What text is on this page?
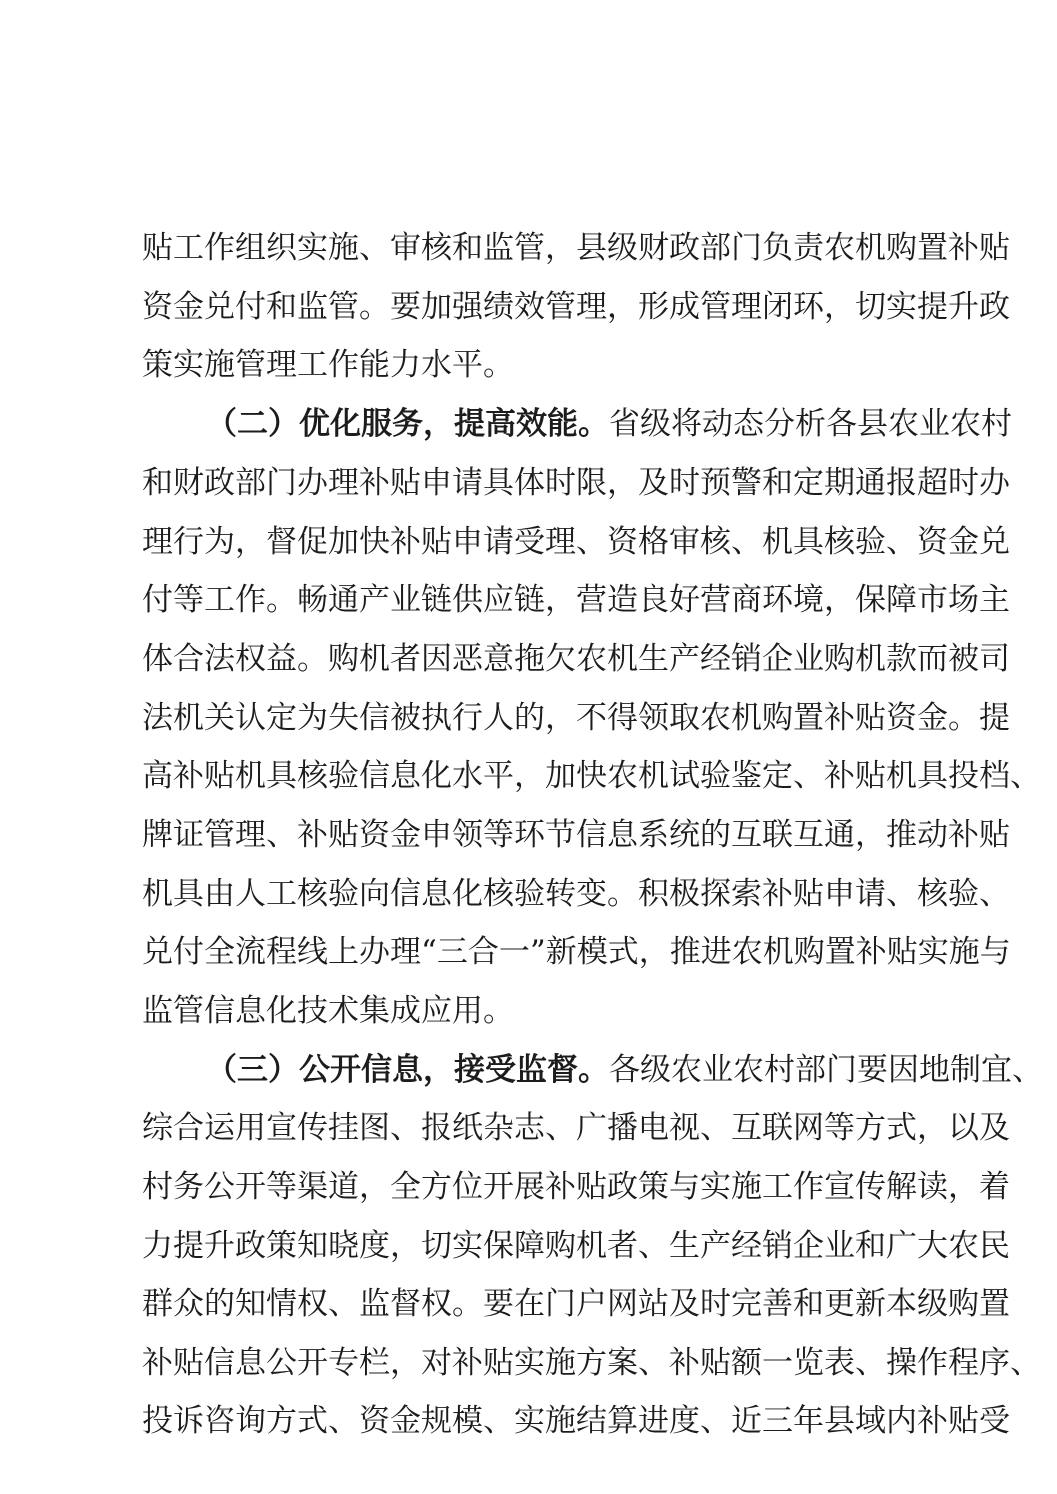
贴工作组织实施、审核和监管，县级财政部门负责农机购置补贴
资金兑付和监管。要加强绩效管理，形成管理闭环，切实提升政
策实施管理工作能力水平。
（二）优化服务，提高效能。省级将动态分析各县农业农村
和财政部门办理补贴申请具体时限，及时预警和定期通报超时办
理行为，督促加快补贴申请受理、资格审核、机具核验、资金兑
付等工作。畅通产业链供应链，营造良好营商环境，保障市场主
体合法权益。购机者因恶意拖欠农机生产经销企业购机款而被司
法机关认定为失信被执行人的，不得领取农机购置补贴资金。提
高补贴机具核验信息化水平，加快农机试验鉴定、补贴机具投档、
牌证管理、补贴资金申领等环节信息系统的互联互通，推动补贴
机具由人工核验向信息化核验转变。积极探索补贴申请、核验、
兑付全流程线上办理“三合一”新模式，推进农机购置补贴实施与
监管信息化技术集成应用。
（三）公开信息，接受监督。各级农业农村部门要因地制宜、
综合运用宣传挂图、报纸杂志、广播电视、互联网等方式，以及
村务公开等渠道，全方位开展补贴政策与实施工作宣传解读，着
力提升政策知晓度，切实保障购机者、生产经销企业和广大农民
群众的知情权、监督权。要在门户网站及时完善和更新本级购置
补贴信息公开专栏，对补贴实施方案、补贴额一览表、操作程序、
投诉咨询方式、资金规模、实施结算进度、近三年县域内补贴受
